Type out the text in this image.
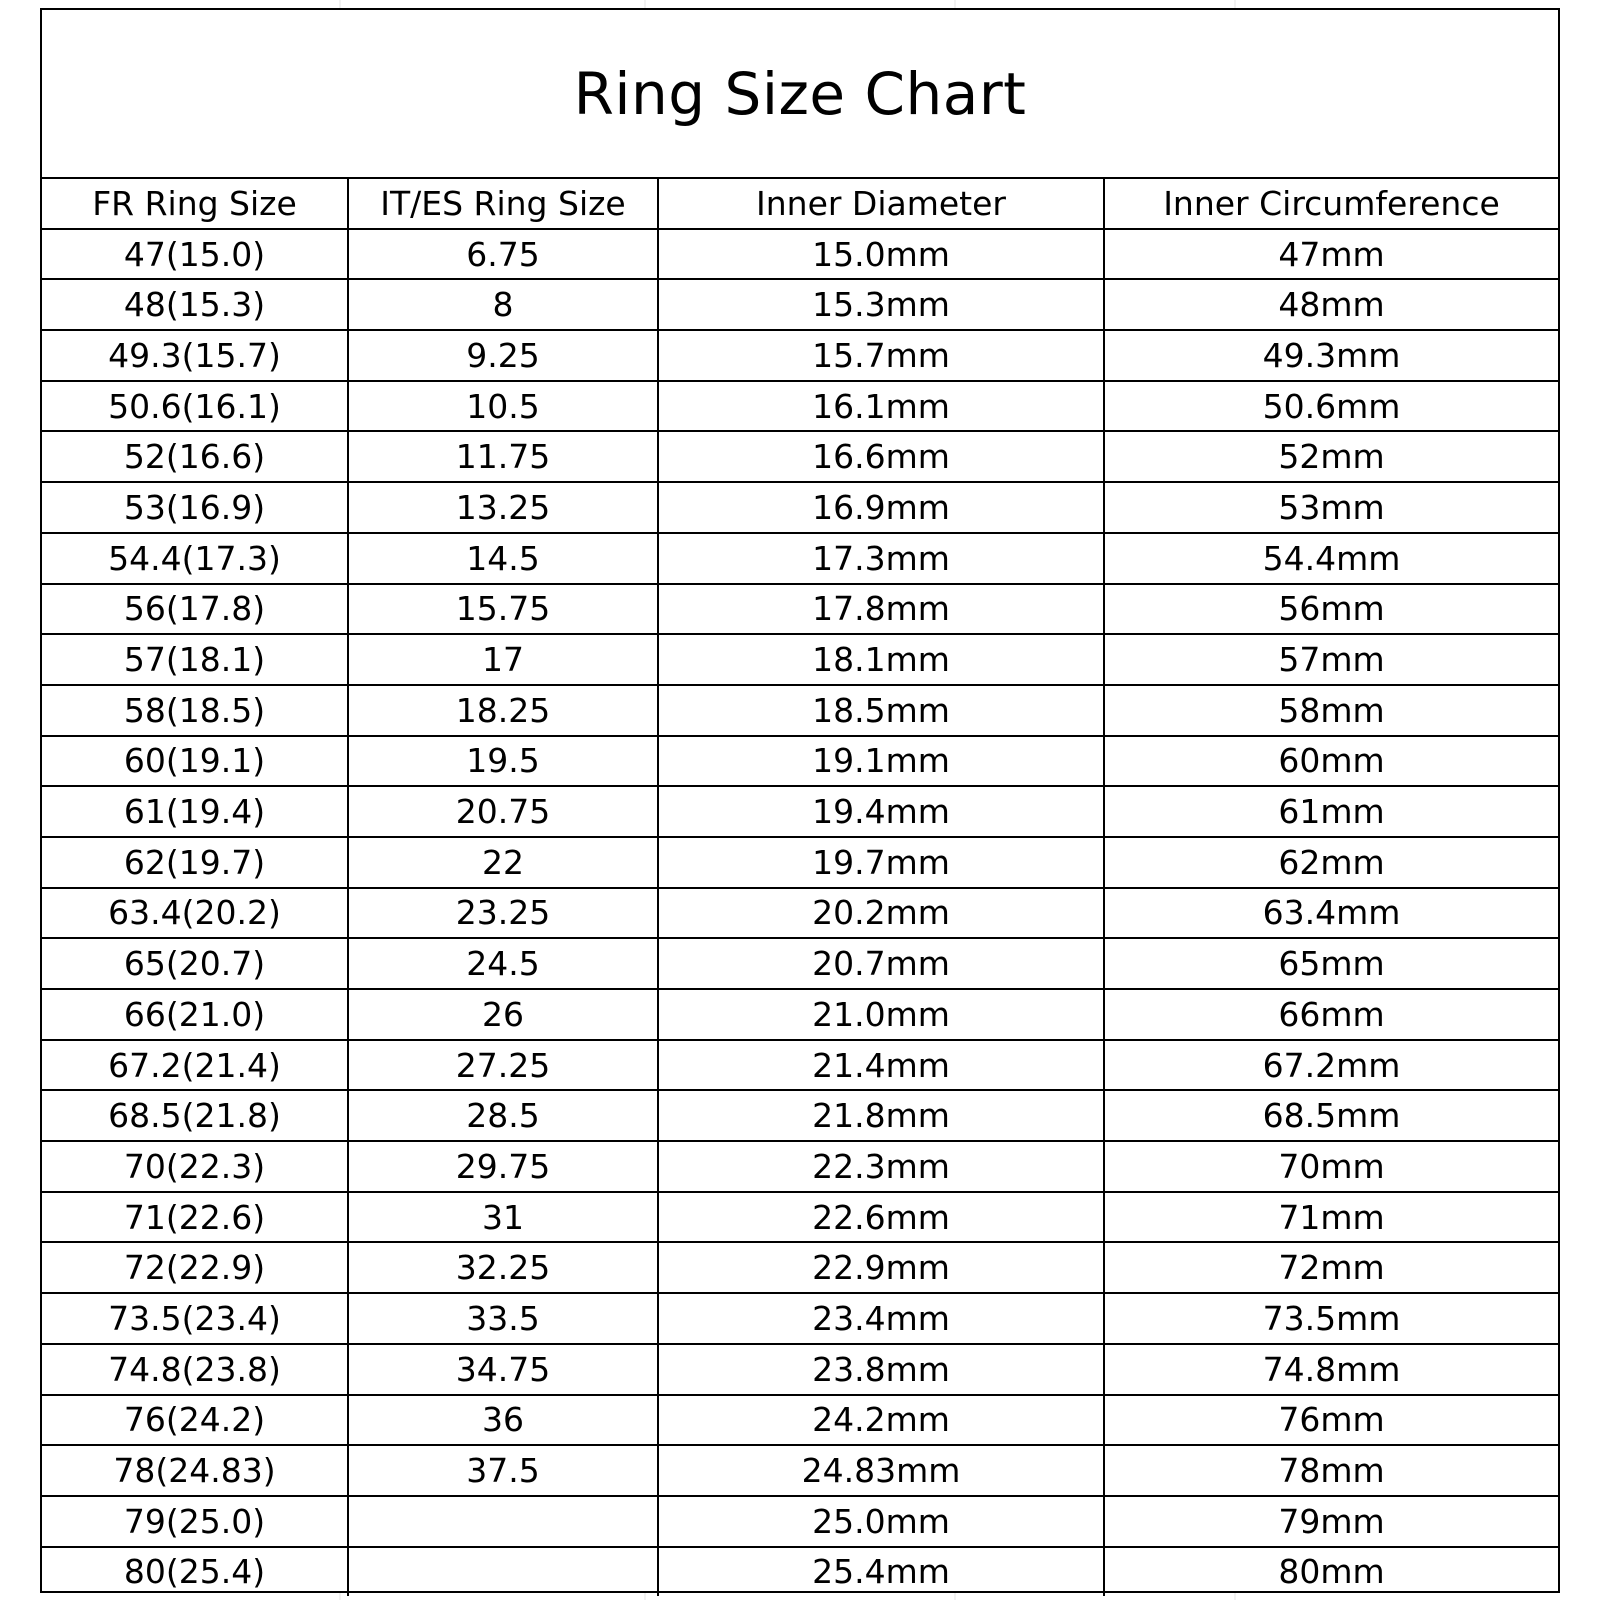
Ring Size Chart
FR Ring Size	IT/ES Ring Size	Inner Diameter	Inner Circumference
47(15.0)	6.75	15.0mm	47mm
48(15.3)	8	15.3mm	48mm
49.3(15.7)	9.25	15.7mm	49.3mm
50.6(16.1)	10.5	16.1mm	50.6mm
52(16.6)	11.75	16.6mm	52mm
53(16.9)	13.25	16.9mm	53mm
54.4(17.3)	14.5	17.3mm	54.4mm
56(17.8)	15.75	17.8mm	56mm
57(18.1)	17	18.1mm	57mm
58(18.5)	18.25	18.5mm	58mm
60(19.1)	19.5	19.1mm	60mm
61(19.4)	20.75	19.4mm	61mm
62(19.7)	22	19.7mm	62mm
63.4(20.2)	23.25	20.2mm	63.4mm
65(20.7)	24.5	20.7mm	65mm
66(21.0)	26	21.0mm	66mm
67.2(21.4)	27.25	21.4mm	67.2mm
68.5(21.8)	28.5	21.8mm	68.5mm
70(22.3)	29.75	22.3mm	70mm
71(22.6)	31	22.6mm	71mm
72(22.9)	32.25	22.9mm	72mm
73.5(23.4)	33.5	23.4mm	73.5mm
74.8(23.8)	34.75	23.8mm	74.8mm
76(24.2)	36	24.2mm	76mm
78(24.83)	37.5	24.83mm	78mm
79(25.0)		25.0mm	79mm
80(25.4)		25.4mm	80mm
